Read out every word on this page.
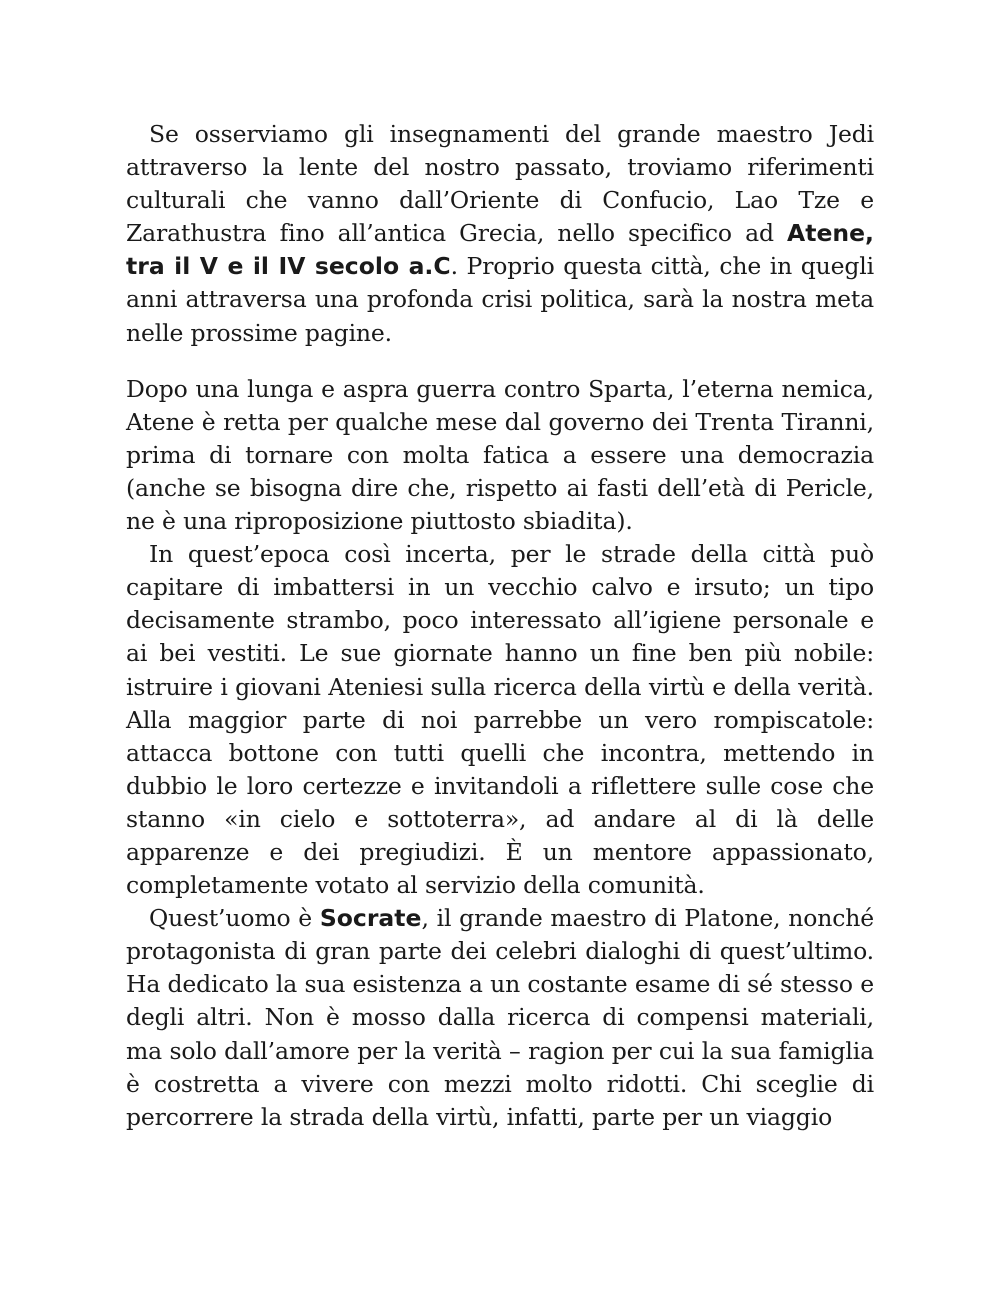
Se osserviamo gli insegnamenti del grande maestro Jedi attraverso la lente del nostro passato, troviamo riferimenti culturali che vanno dall’Oriente di Confucio, Lao Tze e Zarathustra fino all’antica Grecia, nello specifico ad Atene, tra il V e il IV secolo a.C. Proprio questa città, che in quegli anni attraversa una profonda crisi politica, sarà la nostra meta nelle prossime pagine.

Dopo una lunga e aspra guerra contro Sparta, l’eterna nemica, Atene è retta per qualche mese dal governo dei Trenta Tiranni, prima di tornare con molta fatica a essere una democrazia (anche se bisogna dire che, rispetto ai fasti dell’età di Pericle, ne è una riproposizione piuttosto sbiadita).

In quest’epoca così incerta, per le strade della città può capitare di imbattersi in un vecchio calvo e irsuto; un tipo decisamente strambo, poco interessato all’igiene personale e ai bei vestiti. Le sue giornate hanno un fine ben più nobile: istruire i giovani Ateniesi sulla ricerca della virtù e della verità. Alla maggior parte di noi parrebbe un vero rompiscatole: attacca bottone con tutti quelli che incontra, mettendo in dubbio le loro certezze e invitandoli a riflettere sulle cose che stanno «in cielo e sottoterra», ad andare al di là delle apparenze e dei pregiudizi. È un mentore appassionato, completamente votato al servizio della comunità.

Quest’uomo è Socrate, il grande maestro di Platone, nonché protagonista di gran parte dei celebri dialoghi di quest’ultimo. Ha dedicato la sua esistenza a un costante esame di sé stesso e degli altri. Non è mosso dalla ricerca di compensi materiali, ma solo dall’amore per la verità – ragion per cui la sua famiglia è costretta a vivere con mezzi molto ridotti. Chi sceglie di percorrere la strada della virtù, infatti, parte per un viaggio
